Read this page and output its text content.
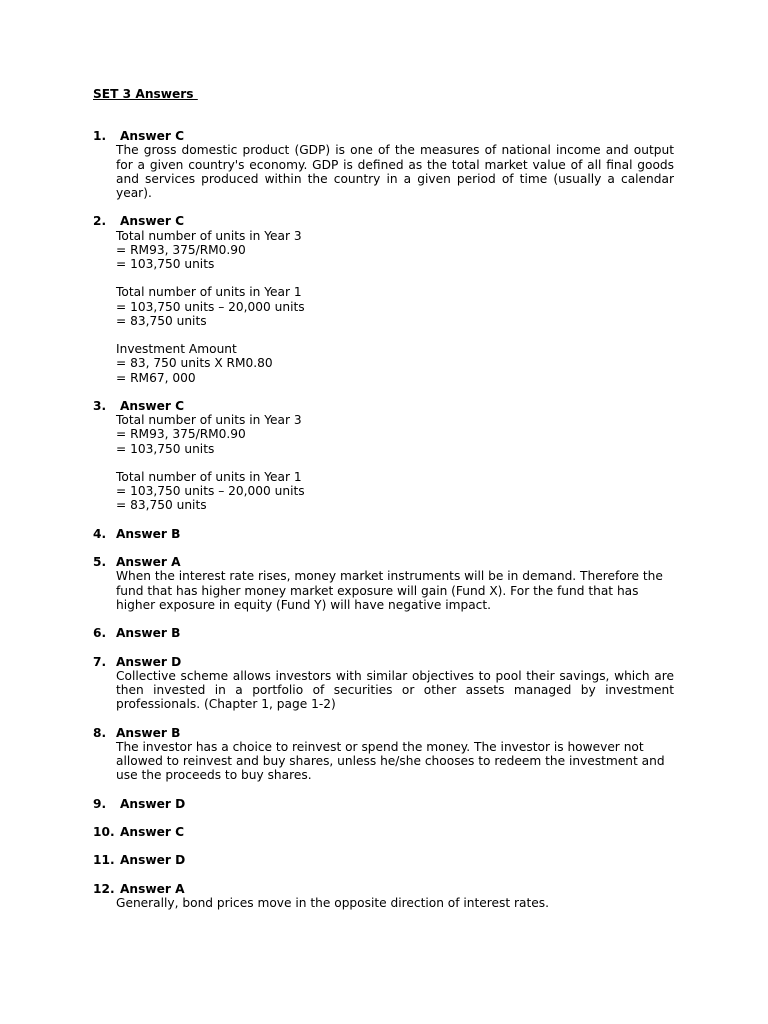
SET 3 Answers
1.	Answer C
The gross domestic product (GDP) is one of the measures of national income and output for a given country's economy. GDP is defined as the total market value of all final goods and services produced within the country in a given period of time (usually a calendar year).
2.	Answer C
Total number of units in Year 3
= RM93, 375/RM0.90
= 103,750 units
Total number of units in Year 1
= 103,750 units – 20,000 units
= 83,750 units
Investment Amount
= 83, 750 units X RM0.80
= RM67, 000
3.	Answer C
Total number of units in Year 3
= RM93, 375/RM0.90
= 103,750 units
Total number of units in Year 1
= 103,750 units – 20,000 units
= 83,750 units
4. Answer B
5. Answer A
When the interest rate rises, money market instruments will be in demand. Therefore the fund that has higher money market exposure will gain (Fund X). For the fund that has higher exposure in equity (Fund Y) will have negative impact.
6. Answer B
7. Answer D
Collective scheme allows investors with similar objectives to pool their savings, which are then invested in a portfolio of securities or other assets managed by investment professionals. (Chapter 1, page 1-2)
8. Answer B
The investor has a choice to reinvest or spend the money. The investor is however not allowed to reinvest and buy shares, unless he/she chooses to redeem the investment and use the proceeds to buy shares.
9.	Answer D
10. Answer C
11. Answer D
12. Answer A
Generally, bond prices move in the opposite direction of interest rates.
